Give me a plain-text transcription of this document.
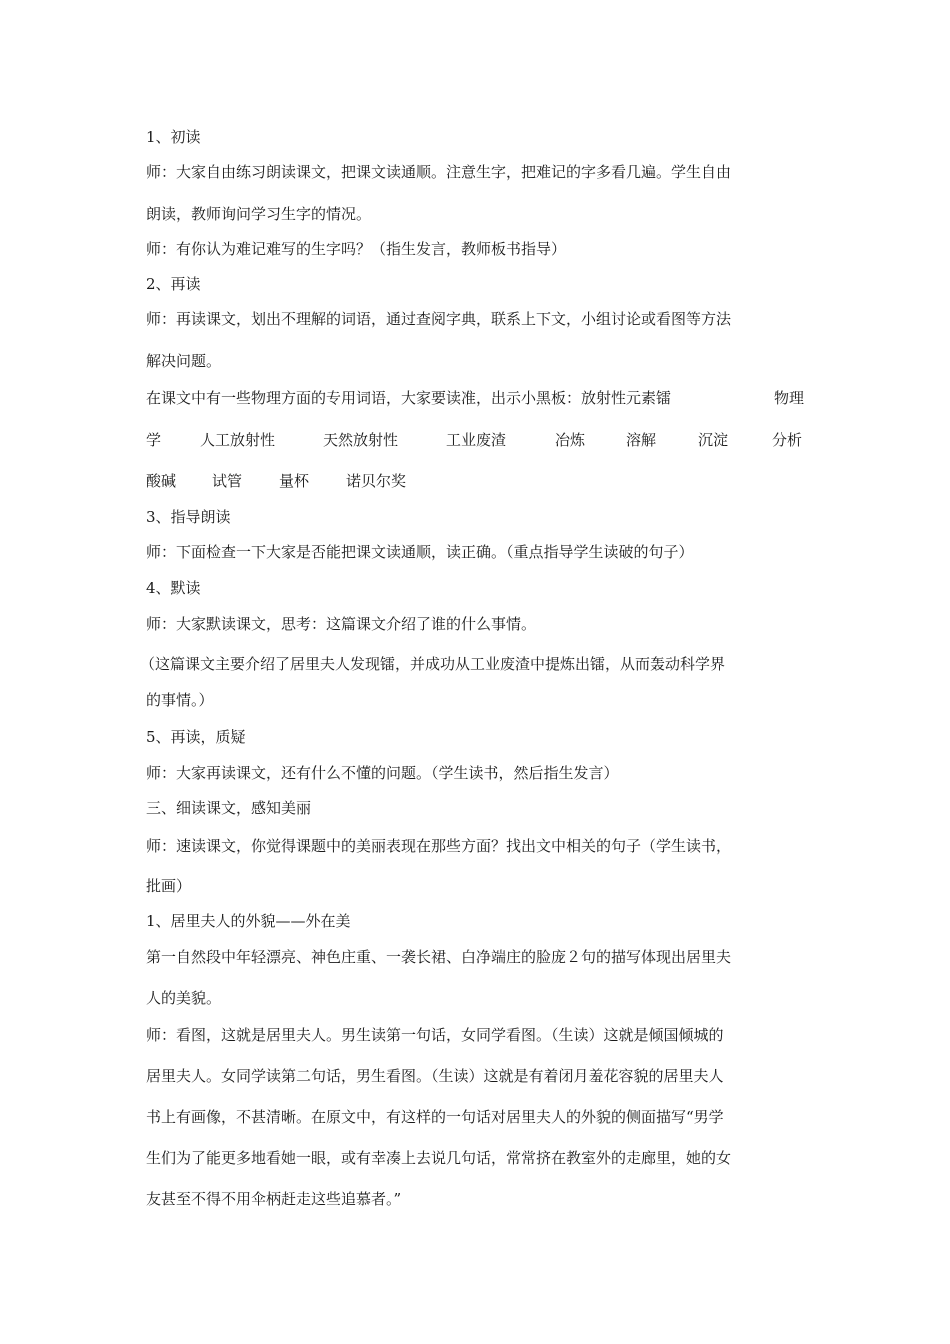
1、初读
师：大家自由练习朗读课文，把课文读通顺。注意生字，把难记的字多看几遍。学生自由
朗读，教师询问学习生字的情况。
师：有你认为难记难写的生字吗？（指生发言，教师板书指导）
2、再读
师：再读课文，划出不理解的词语，通过查阅字典，联系上下文，小组讨论或看图等方法
解决问题。
在课文中有一些物理方面的专用词语，大家要读准，出示小黑板：放射性元素镭	物理
学	人工放射性	天然放射性	工业废渣	冶炼	溶解	沉淀	分析
酸碱 试管 量杯 诺贝尔奖
3、指导朗读
师：下面检查一下大家是否能把课文读通顺，读正确。（重点指导学生读破的句子）
4、默读
师：大家默读课文，思考：这篇课文介绍了谁的什么事情。
（这篇课文主要介绍了居里夫人发现镭，并成功从工业废渣中提炼出镭，从而轰动科学界
的事情。）
5、再读，质疑
师：大家再读课文，还有什么不懂的问题。（学生读书，然后指生发言）
三、细读课文，感知美丽
师：速读课文，你觉得课题中的美丽表现在那些方面？找出文中相关的句子（学生读书，
批画）
1、居里夫人的外貌——外在美
第一自然段中年轻漂亮、神色庄重、一袭长裙、白净端庄的脸庞２句的描写体现出居里夫
人的美貌。
师：看图，这就是居里夫人。男生读第一句话，女同学看图。（生读）这就是倾国倾城的
居里夫人。女同学读第二句话，男生看图。（生读）这就是有着闭月羞花容貌的居里夫人
书上有画像，不甚清晰。在原文中，有这样的一句话对居里夫人的外貌的侧面描写“男学
生们为了能更多地看她一眼，或有幸凑上去说几句话，常常挤在教室外的走廊里，她的女
友甚至不得不用伞柄赶走这些追慕者。”
